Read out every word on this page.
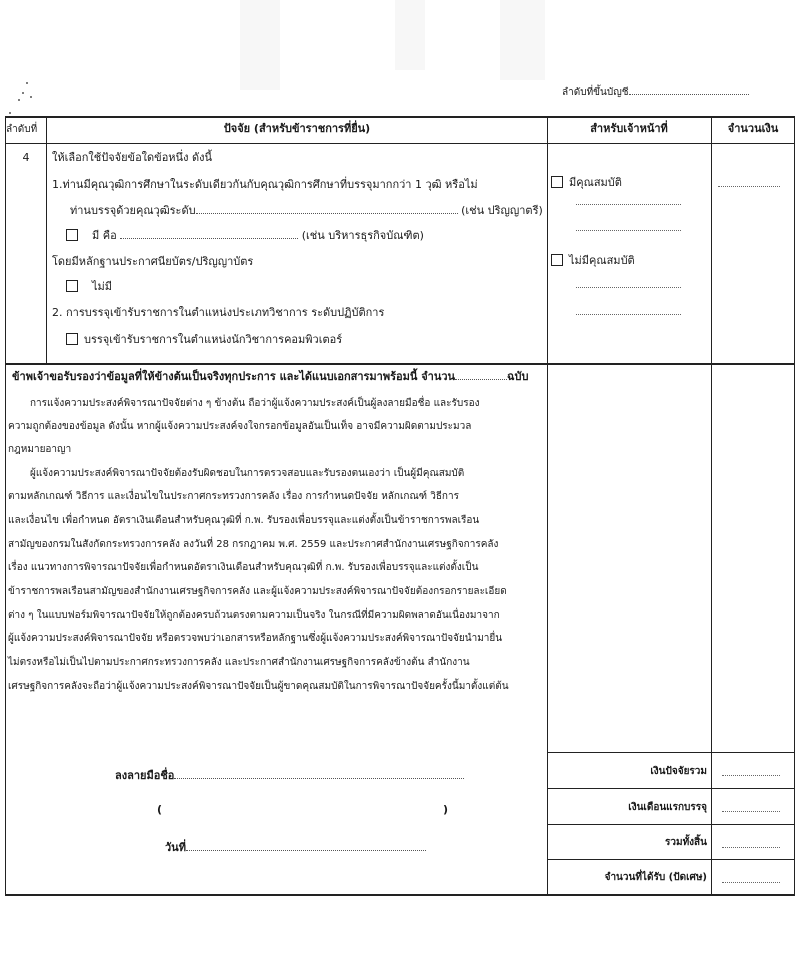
ลำดับที่ขึ้นบัญชี
ลำดับที่	ปัจจัย (สำหรับข้าราชการที่ยื่น)	สำหรับเจ้าหน้าที่	จำนวนเงิน
4	ให้เลือกใช้ปัจจัยข้อใดข้อหนึ่ง ดังนี้
1.ท่านมีคุณวุฒิการศึกษาในระดับเดียวกันกับคุณวุฒิการศึกษาที่บรรจุมากกว่า 1 วุฒิ หรือไม่
ท่านบรรจุด้วยคุณวุฒิระดับ	(เช่น ปริญญาตรี)
มี คือ	(เช่น บริหารธุรกิจบัณฑิต)
โดยมีหลักฐานประกาศนียบัตร/ปริญญาบัตร
ไม่มี
2. การบรรจุเข้ารับราชการในตำแหน่งประเภทวิชาการ ระดับปฏิบัติการ
บรรจุเข้ารับราชการในตำแหน่งนักวิชาการคอมพิวเตอร์
มีคุณสมบัติ
ไม่มีคุณสมบัติ
ข้าพเจ้าขอรับรองว่าข้อมูลที่ให้ข้างต้นเป็นจริงทุกประการ และได้แนบเอกสารมาพร้อมนี้ จำนวน	ฉบับ
การแจ้งความประสงค์พิจารณาปัจจัยต่าง ๆ ข้างต้น ถือว่าผู้แจ้งความประสงค์เป็นผู้ลงลายมือชื่อ และรับรอง
ความถูกต้องของข้อมูล ดังนั้น หากผู้แจ้งความประสงค์จงใจกรอกข้อมูลอันเป็นเท็จ อาจมีความผิดตามประมวล
กฎหมายอาญา
ผู้แจ้งความประสงค์พิจารณาปัจจัยต้องรับผิดชอบในการตรวจสอบและรับรองตนเองว่า เป็นผู้มีคุณสมบัติ
ตามหลักเกณฑ์ วิธีการ และเงื่อนไขในประกาศกระทรวงการคลัง เรื่อง การกำหนดปัจจัย หลักเกณฑ์ วิธีการ
และเงื่อนไข เพื่อกำหนด อัตราเงินเดือนสำหรับคุณวุฒิที่ ก.พ. รับรองเพื่อบรรจุและแต่งตั้งเป็นข้าราชการพลเรือน
สามัญของกรมในสังกัดกระทรวงการคลัง ลงวันที่ 28 กรกฎาคม พ.ศ. 2559 และประกาศสำนักงานเศรษฐกิจการคลัง
เรื่อง แนวทางการพิจารณาปัจจัยเพื่อกำหนดอัตราเงินเดือนสำหรับคุณวุฒิที่ ก.พ. รับรองเพื่อบรรจุและแต่งตั้งเป็น
ข้าราชการพลเรือนสามัญของสำนักงานเศรษฐกิจการคลัง และผู้แจ้งความประสงค์พิจารณาปัจจัยต้องกรอกรายละเอียด
ต่าง ๆ ในแบบฟอร์มพิจารณาปัจจัยให้ถูกต้องครบถ้วนตรงตามความเป็นจริง ในกรณีที่มีความผิดพลาดอันเนื่องมาจาก
ผู้แจ้งความประสงค์พิจารณาปัจจัย หรือตรวจพบว่าเอกสารหรือหลักฐานซึ่งผู้แจ้งความประสงค์พิจารณาปัจจัยนำมายื่น
ไม่ตรงหรือไม่เป็นไปตามประกาศกระทรวงการคลัง และประกาศสำนักงานเศรษฐกิจการคลังข้างต้น สำนักงาน
เศรษฐกิจการคลังจะถือว่าผู้แจ้งความประสงค์พิจารณาปัจจัยเป็นผู้ขาดคุณสมบัติในการพิจารณาปัจจัยครั้งนี้มาตั้งแต่ต้น
ลงลายมือชื่อ
(	)
วันที่
เงินปัจจัยรวม
เงินเดือนแรกบรรจุ
รวมทั้งสิ้น
จำนวนที่ได้รับ (ปัดเศษ)
